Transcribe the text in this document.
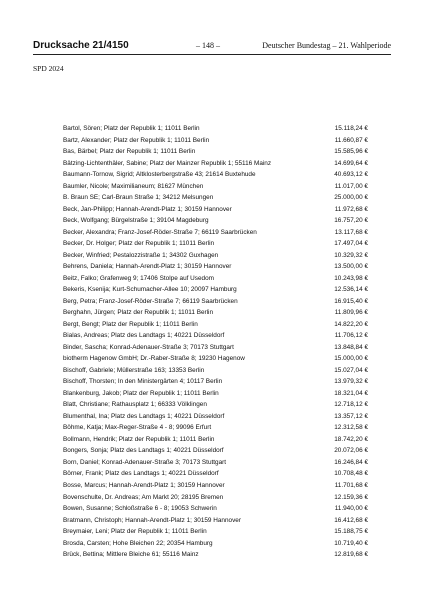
Drucksache 21/4150	– 148 –	Deutscher Bundestag – 21. Wahlperiode
SPD 2024
Bartol, Sören; Platz der Republik 1; 11011 Berlin	15.118,24 €
Bartz, Alexander; Platz der Republik 1; 11011 Berlin	11.660,87 €
Bas, Bärbel; Platz der Republik 1; 11011 Berlin	15.585,96 €
Bätzing-Lichtenthäler, Sabine; Platz der Mainzer Republik 1; 55116 Mainz	14.699,64 €
Baumann-Tornow, Sigrid; Altklosterbergstraße 43; 21614 Buxtehude	40.693,12 €
Baumler, Nicole; Maximilianeum; 81627 München	11.017,00 €
B. Braun SE; Carl-Braun Straße 1; 34212 Melsungen	25.000,00 €
Beck, Jan-Philipp; Hannah-Arendt-Platz 1; 30159 Hannover	11.972,68 €
Beck, Wolfgang; Bürgelstraße 1; 39104 Magdeburg	16.757,20 €
Becker, Alexandra; Franz-Josef-Röder-Straße 7; 66119 Saarbrücken	13.117,68 €
Becker, Dr. Holger; Platz der Republik 1; 11011 Berlin	17.497,04 €
Becker, Winfried; Pestalozzistraße 1; 34302 Guxhagen	10.329,32 €
Behrens, Daniela; Hannah-Arendt-Platz 1; 30159 Hannover	13.500,00 €
Beitz, Falko; Grafenweg 9; 17406 Stolpe auf Usedom	10.243,98 €
Bekeris, Ksenija; Kurt-Schumacher-Allee 10; 20097 Hamburg	12.536,14 €
Berg, Petra; Franz-Josef-Röder-Straße 7; 66119 Saarbrücken	16.915,40 €
Berghahn, Jürgen; Platz der Republik 1; 11011 Berlin	11.809,96 €
Bergt, Bengt; Platz der Republik 1; 11011 Berlin	14.822,20 €
Bialas, Andreas; Platz des Landtags 1; 40221 Düsseldorf	11.706,12 €
Binder, Sascha; Konrad-Adenauer-Straße 3; 70173 Stuttgart	13.848,84 €
biotherm Hagenow GmbH; Dr.-Raber-Straße 8; 19230 Hagenow	15.000,00 €
Bischoff, Gabriele; Müllerstraße 163; 13353 Berlin	15.027,04 €
Bischoff, Thorsten; In den Ministergärten 4; 10117 Berlin	13.979,32 €
Blankenburg, Jakob; Platz der Republik 1; 11011 Berlin	18.321,04 €
Blatt, Christiane; Rathausplatz 1; 66333 Völklingen	12.718,12 €
Blumenthal, Ina; Platz des Landtags 1; 40221 Düsseldorf	13.357,12 €
Böhme, Katja; Max-Reger-Straße 4 - 8; 99096 Erfurt	12.312,58 €
Bollmann, Hendrik; Platz der Republik 1; 11011 Berlin	18.742,20 €
Bongers, Sonja; Platz des Landtags 1; 40221 Düsseldorf	20.072,06 €
Born, Daniel; Konrad-Adenauer-Straße 3; 70173 Stuttgart	16.246,84 €
Börner, Frank; Platz des Landtags 1; 40221 Düsseldorf	10.708,48 €
Bosse, Marcus; Hannah-Arendt-Platz 1; 30159 Hannover	11.701,68 €
Bovenschulte, Dr. Andreas; Am Markt 20; 28195 Bremen	12.159,36 €
Bowen, Susanne; Schloßstraße 6 - 8; 19053 Schwerin	11.940,00 €
Bratmann, Christoph; Hannah-Arendt-Platz 1; 30159 Hannover	16.412,68 €
Breymaier, Leni; Platz der Republik 1; 11011 Berlin	15.188,75 €
Brosda, Carsten; Hohe Bleichen 22; 20354 Hamburg	10.719,40 €
Brück, Bettina; Mittlere Bleiche 61; 55116 Mainz	12.819,68 €
